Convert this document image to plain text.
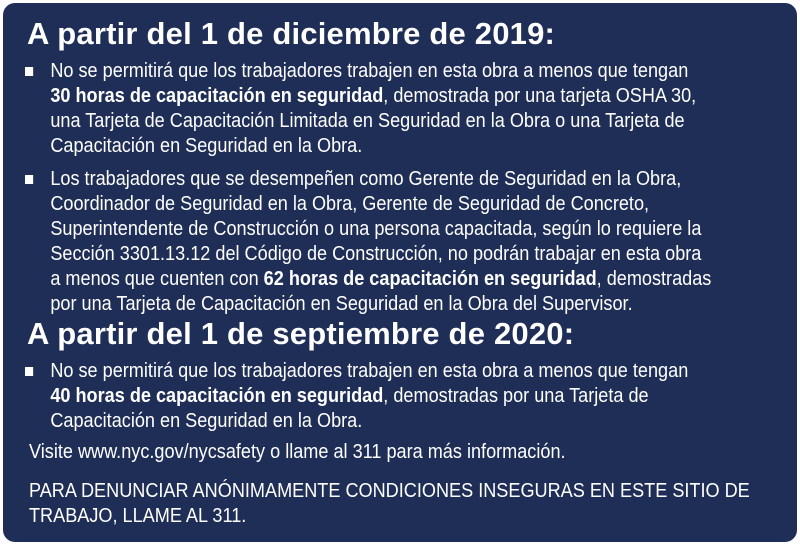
A partir del 1 de diciembre de 2019:

No se permitirá que los trabajadores trabajen en esta obra a menos que tengan 30 horas de capacitación en seguridad, demostrada por una tarjeta OSHA 30, una Tarjeta de Capacitación Limitada en Seguridad en la Obra o una Tarjeta de Capacitación en Seguridad en la Obra.

Los trabajadores que se desempeñen como Gerente de Seguridad en la Obra, Coordinador de Seguridad en la Obra, Gerente de Seguridad de Concreto, Superintendente de Construcción o una persona capacitada, según lo requiere la Sección 3301.13.12 del Código de Construcción, no podrán trabajar en esta obra a menos que cuenten con 62 horas de capacitación en seguridad, demostradas por una Tarjeta de Capacitación en Seguridad en la Obra del Supervisor.

A partir del 1 de septiembre de 2020:

No se permitirá que los trabajadores trabajen en esta obra a menos que tengan 40 horas de capacitación en seguridad, demostradas por una Tarjeta de Capacitación en Seguridad en la Obra.

Visite www.nyc.gov/nycsafety o llame al 311 para más información.

PARA DENUNCIAR ANÓNIMAMENTE CONDICIONES INSEGURAS EN ESTE SITIO DE

TRABAJO, LLAME AL 311.
